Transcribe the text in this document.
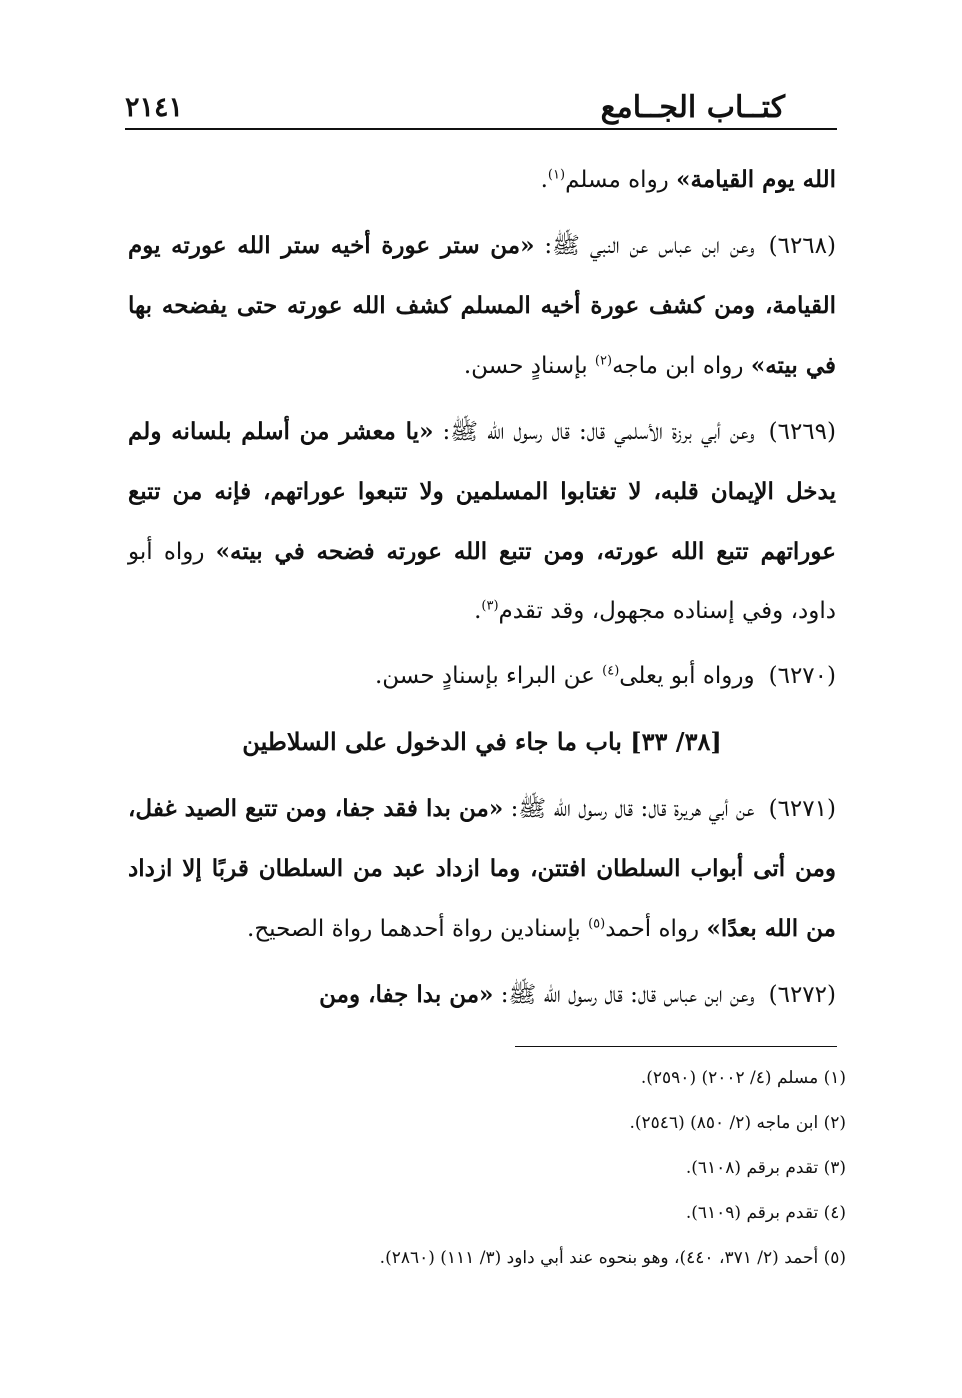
كتــاب الجــامع
٢١٤١

الله يوم القيامة» رواه مسلم$^{(١)}$.

(٦٢٦٨)وعن ابن عباس عن النبي ﷺ: «من ستر عورة أخيه ستر الله عورته يوم القيامة، ومن كشف عورة أخيه المسلم كشف الله عورته حتى يفضحه بها في بيته» رواه ابن ماجه$^{(٢)}$ بإسنادٍ حسن.

(٦٢٦٩)وعن أبي برزة الأسلمي قال: قال رسول الله ﷺ: «يا معشر من أسلم بلسانه ولم يدخل الإيمان قلبه، لا تغتابوا المسلمين ولا تتبعوا عوراتهم، فإنه من تتبع عوراتهم تتبع الله عورته، ومن تتبع الله عورته فضحه في بيته» رواه أبو داود، وفي إسناده مجهول، وقد تقدم$^{(٣)}$.

(٦٢٧٠)ورواه أبو يعلى$^{(٤)}$ عن البراء بإسنادٍ حسن.

[٣٨/ ٣٣] باب ما جاء في الدخول على السلاطين

(٦٢٧١)عن أبي هريرة قال: قال رسول الله ﷺ: «من بدا فقد جفا، ومن تتبع الصيد غفل، ومن أتى أبواب السلطان افتتن، وما ازداد عبد من السلطان قربًا إلا ازداد من الله بعدًا» رواه أحمد$^{(٥)}$ بإسنادين رواة أحدهما رواة الصحيح.

(٦٢٧٢)وعن ابن عباس قال: قال رسول الله ﷺ: «من بدا جفا، ومن

(١) مسلم (٤/ ٢٠٠٢) (٢٥٩٠).
(٢) ابن ماجه (٢/ ٨٥٠) (٢٥٤٦).
(٣) تقدم برقم (٦١٠٨).
(٤) تقدم برقم (٦١٠٩).
(٥) أحمد (٢/ ٣٧١، ٤٤٠)، وهو بنحوه عند أبي داود (٣/ ١١١) (٢٨٦٠).
